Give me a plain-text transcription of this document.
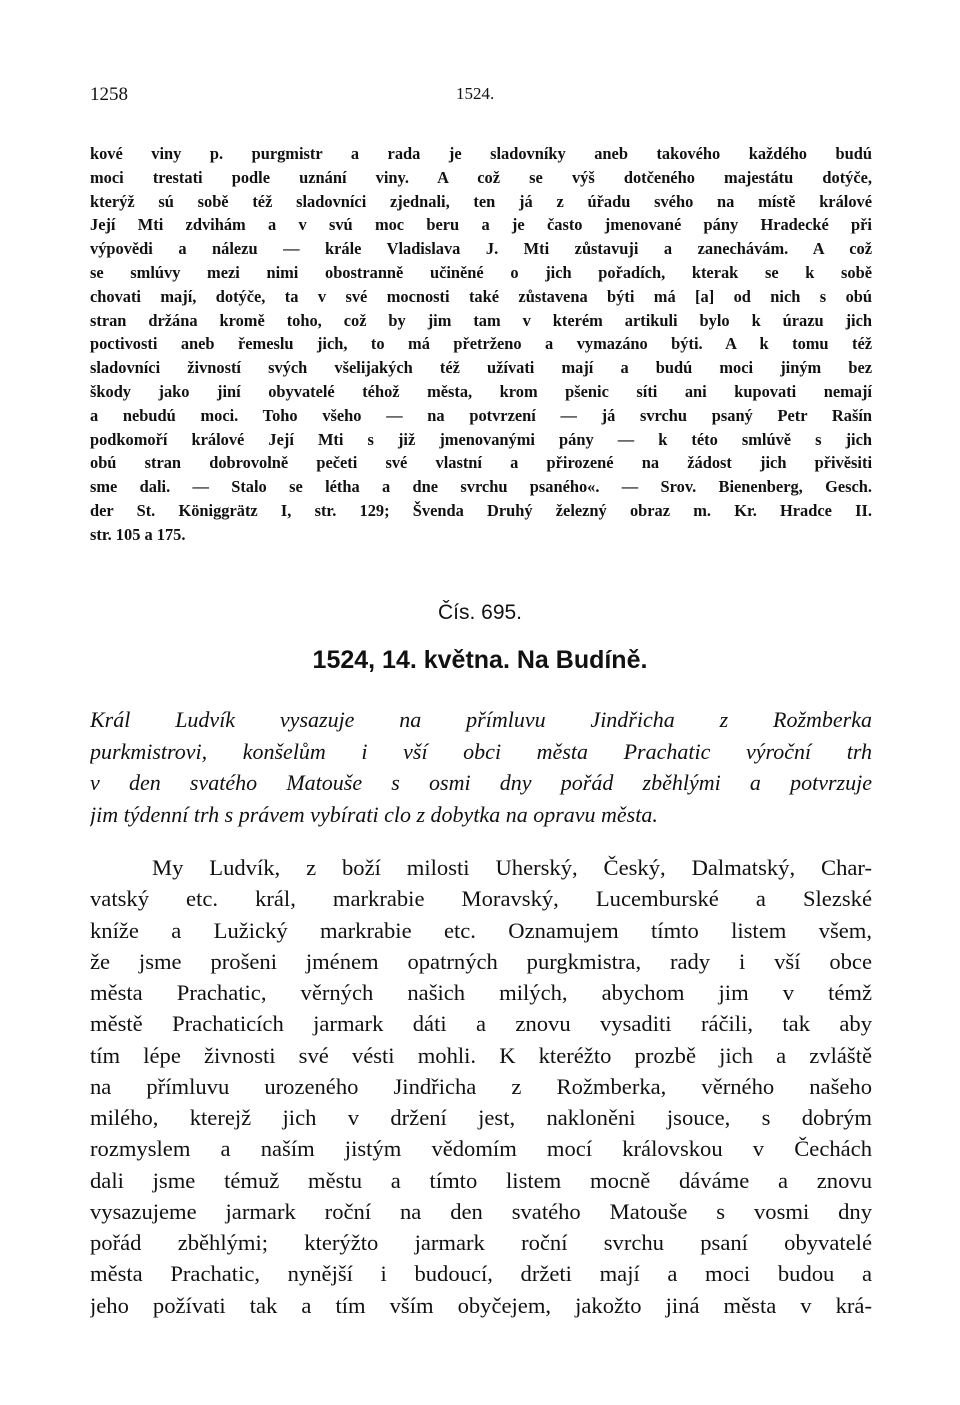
1258	1524.
kové viny p. purgmistr a rada je sladovníky aneb takového každého budú
moci trestati podle uznání viny. A což se výš dotčeného majestátu dotýče,
kterýž sú sobě též sladovníci zjednali, ten já z úřadu svého na místě králové
Její Mti zdvihám a v svú moc beru a je často jmenované pány Hradecké při
výpovědi a nálezu — krále Vladislava J. Mti zůstavuji a zanechávám. A což
se smlúvy mezi nimi obostranně učiněné o jich pořadích, kterak se k sobě
chovati mají, dotýče, ta v své mocnosti také zůstavena býti má [a] od nich s obú
stran držána kromě toho, což by jim tam v kterém artikuli bylo k úrazu jich
poctivosti aneb řemeslu jich, to má přetrženo a vymazáno býti. A k tomu též
sladovníci živností svých všelijakých též užívati mají a budú moci jiným bez
škody jako jiní obyvatelé téhož města, krom pšenic síti ani kupovati nemají
a nebudú moci. Toho všeho — na potvrzení — já svrchu psaný Petr Rašín
podkomoří králové Její Mti s již jmenovanými pány — k této smlúvě s jich
obú stran dobrovolně pečeti své vlastní a přirozené na žádost jich přivěsiti
sme dali. — Stalo se létha a dne svrchu psaného«. — Srov. Bienenberg, Gesch.
der St. Königgrätz I, str. 129; Švenda Druhý železný obraz m. Kr. Hradce II.
str. 105 a 175.
Čís. 695.
1524, 14. května. Na Budíně.
Král Ludvík vysazuje na přímluvu Jindřicha z Rožmberka
purkmistrovi, konšelům i vší obci města Prachatic výroční trh
v den svatého Matouše s osmi dny pořád zběhlými a potvrzuje
jim týdenní trh s právem vybírati clo z dobytka na opravu města.
My Ludvík, z boží milosti Uherský, Český, Dalmatský, Char-
vatský etc. král, markrabie Moravský, Lucemburské a Slezské
kníže a Lužický markrabie etc. Oznamujem tímto listem všem,
že jsme prošeni jménem opatrných purgkmistra, rady i vší obce
města Prachatic, věrných našich milých, abychom jim v témž
městě Prachaticích jarmark dáti a znovu vysaditi ráčili, tak aby
tím lépe živnosti své vésti mohli. K kteréžto prozbě jich a zvláště
na přímluvu urozeného Jindřicha z Rožmberka, věrného našeho
milého, kterejž jich v držení jest, nakloněni jsouce, s dobrým
rozmyslem a naším jistým vědomím mocí královskou v Čechách
dali jsme témuž městu a tímto listem mocně dáváme a znovu
vysazujeme jarmark roční na den svatého Matouše s vosmi dny
pořád zběhlými; kterýžto jarmark roční svrchu psaní obyvatelé
města Prachatic, nynější i budoucí, držeti mají a moci budou a
jeho požívati tak a tím vším obyčejem, jakožto jiná města v krá-
